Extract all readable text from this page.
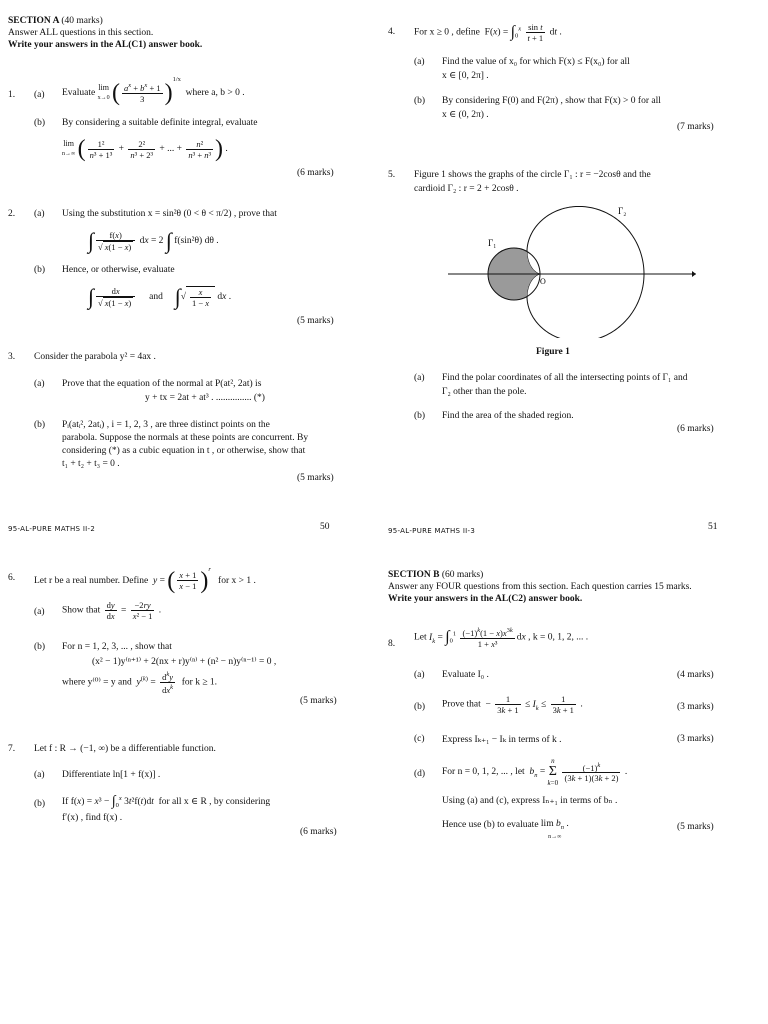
SECTION A (40 marks)
Answer ALL questions in this section.
Write your answers in the AL(C1) answer book.
1. (a) Evaluate lim
x→0 ( $\frac{a^x + b^x + 1}{3} )^{1/x}$  where a, b > 0 .
(b) By considering a suitable definite integral, evaluate
lim
n→∞ ( $\frac{\text{1²}}{\text{n³ + 1³}} + \frac{\text{2²}}{\text{n³ + 2³}}$ + ... + $\frac{\text{n²}}{\text{n³ + n³}}$ ) .
(6 marks)
2. (a) Using the substitution x = sin²θ (0 < θ < π/2) , prove that
∫ $\frac{f(x)}{√ x(1 - x)}$ dx = 2 ∫ f(sin²θ) dθ .
(b) Hence, or otherwise, evaluate
∫ $\frac{dx}{√ x(1 - x)}$ and ∫√ $\frac{x}{1 - x}$ dx .
(5 marks)
3. Consider the parabola y² = 4ax .
(a) Prove that the equation of the normal at P(at², 2at) is
y + tx = 2at + at³ . ............... (*)
(b) Pᵢ(atᵢ², 2atᵢ) , i = 1, 2, 3 , are three distinct points on the
parabola. Suppose the normals at these points are concurrent. By
considering (*) as a cubic equation in t , or otherwise, show that
t₁ + t₂ + t₃ = 0 .
(5 marks)
95-AL-PURE MATHS II-2	50
4. For x ≥ 0 , define  $F(x) = \int_0^x \frac{\text{sin t}}{t + 1}$ dt .
(a) Find the value of x₀ for which F(x) ≤ F(x₀) for all
x ∈ [0, 2π] .
(b) By considering F(0) and F(2π) , show that F(x) > 0 for all
x ∈ (0, 2π) .
(7 marks)
5. Figure 1 shows the graphs of the circle Γ₁ : r = −2cosθ and the
cardioid Γ₂ : r = 2 + 2cosθ .
O
Γ₁
Γ₂
Figure 1
(a) Find the polar coordinates of all the intersecting points of Γ₁ and
Γ₂ other than the pole.
(b) Find the area of the shaded region.
(6 marks)
95-AL-PURE MATHS II-3	51
6. Let r be a real number. Define y = ( $\frac{x + 1}{x - 1} )^r$   for x > 1 .
(a) Show that $\frac{dy}{dx} = \frac{-2ry}{\text{x² − 1}}$ .
(b) For n = 1, 2, 3, ... , show that
(x² − 1)y⁽ⁿ⁺¹⁾ + 2(nx + r)y⁽ⁿ⁾ + (n² − n)y⁽ⁿ⁻¹⁾ = 0 ,
where y⁽⁰⁾ = y and $y^{(k)} = \frac{d^ky}{dx^k}$ for k ≥ 1.
(5 marks)
7. Let f : R → (−1, ∞) be a differentiable function.
(a) Differentiate ln[1 + f(x)] .
(b) If $f(x) = x^3 - \int_0^x$ 3t²f(t)dt for all x ∈ R , by considering
f′(x) , find f(x) .
(6 marks)
SECTION B (60 marks)
Answer any FOUR questions from this section. Each question carries 15 marks.
Write your answers in the AL(C2) answer book.
8.
Let $I_k = \int_0^1 \frac{(-1)^k(1 - x)x^{3k}}{\text{1 + x³}}$ dx , k = 0, 1, 2, ... .
(a) Evaluate I₀ .	(4 marks)
(b) Prove that  − $\frac{1}{3k + 1} \le I_k \le \frac{1}{3k + 1}$ .	(3 marks)
(c) Express Iₖ₊₁ − Iₖ in terms of k .	(3 marks)
(d) For n = 0, 1, 2, ... , let $b_n = n$
Σ
$k=0 \frac{(-1)^k}{(3k + 1)(3k + 2)}$ .
Using (a) and (c), express Iₙ₊₁ in terms of bₙ .
Hence use (b) to evaluate $\lim b_n$ .
n→∞
(5 marks)
